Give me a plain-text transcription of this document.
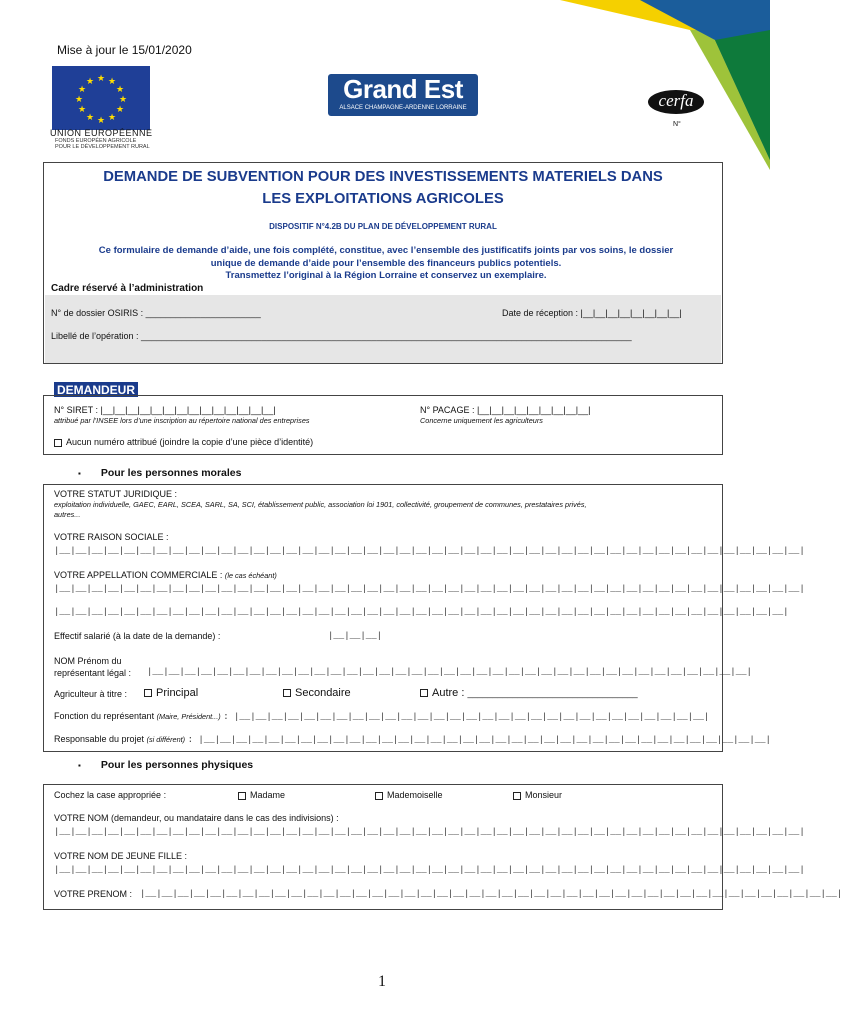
Mise à jour le 15/01/2020
★ ★
★
★
★
★
★
★
★
★
★
★
UNION EUROPÉENNE
FONDS EUROPÉEN AGRICOLE
POUR LE DÉVELOPPEMENT RURAL
Grand Est
ALSACE CHAMPAGNE-ARDENNE LORRAINE	cerfa
N°
DEMANDE DE SUBVENTION POUR DES INVESTISSEMENTS MATERIELS DANS
LES EXPLOITATIONS AGRICOLES
DISPOSITIF N°4.2B DU PLAN DE DÉVELOPPEMENT RURAL
Ce formulaire de demande d’aide, une fois complété, constitue, avec l’ensemble des justificatifs joints par vos soins, le dossier
unique de demande d’aide pour l’ensemble des financeurs publics potentiels.
Transmettez l’original à la Région Lorraine et conservez un exemplaire.
Cadre réservé à l’administration
N° de dossier OSIRIS : _______________________	Date de réception : |__|__|__|__|__|__|__|__|
Libellé de l’opération : __________________________________________________________________________________________________
DEMANDEUR
N° SIRET : |__|__|__|__|__|__|__|__|__|__|__|__|__|__|
attribué par l’INSEE lors d’une inscription au répertoire national des entreprises
N° PACAGE : |__|__|__|__|__|__|__|__|__|
Concerne uniquement les agriculteurs
Aucun numéro attribué (joindre la copie d’une pièce d’identité)
▪ Pour les personnes morales
VOTRE STATUT JURIDIQUE :
exploitation individuelle, GAEC, EARL, SCEA, SARL, SA, SCI, établissement public, association loi 1901, collectivité, groupement de communes, prestataires privés,
autres...
VOTRE RAISON SOCIALE :
|__|__|__|__|__|__|__|__|__|__|__|__|__|__|__|__|__|__|__|__|__|__|__|__|__|__|__|__|__|__|__|__|__|__|__|__|__|__|__|__|__|__|__|__|__|__|
VOTRE APPELLATION COMMERCIALE : (le cas échéant)
|__|__|__|__|__|__|__|__|__|__|__|__|__|__|__|__|__|__|__|__|__|__|__|__|__|__|__|__|__|__|__|__|__|__|__|__|__|__|__|__|__|__|__|__|__|__|
|__|__|__|__|__|__|__|__|__|__|__|__|__|__|__|__|__|__|__|__|__|__|__|__|__|__|__|__|__|__|__|__|__|__|__|__|__|__|__|__|__|__|__|__|__|
Effectif salarié (à la date de la demande) :	|__|__|__|
NOM Prénom du
représentant légal : |__|__|__|__|__|__|__|__|__|__|__|__|__|__|__|__|__|__|__|__|__|__|__|__|__|__|__|__|__|__|__|__|__|__|__|__|__|
Agriculteur à titre :	Principal	Secondaire	Autre : __________________________________
Fonction du représentant (Maire, Président...) : |__|__|__|__|__|__|__|__|__|__|__|__|__|__|__|__|__|__|__|__|__|__|__|__|__|__|__|__|__|
Responsable du projet (si différent) : |__|__|__|__|__|__|__|__|__|__|__|__|__|__|__|__|__|__|__|__|__|__|__|__|__|__|__|__|__|__|__|__|__|__|__|
▪ Pour les personnes physiques
Cochez la case appropriée :	Madame	Mademoiselle	Monsieur
VOTRE NOM (demandeur, ou mandataire dans le cas des indivisions) :
|__|__|__|__|__|__|__|__|__|__|__|__|__|__|__|__|__|__|__|__|__|__|__|__|__|__|__|__|__|__|__|__|__|__|__|__|__|__|__|__|__|__|__|__|__|__|
VOTRE NOM DE JEUNE FILLE :
|__|__|__|__|__|__|__|__|__|__|__|__|__|__|__|__|__|__|__|__|__|__|__|__|__|__|__|__|__|__|__|__|__|__|__|__|__|__|__|__|__|__|__|__|__|__|
VOTRE PRENOM : |__|__|__|__|__|__|__|__|__|__|__|__|__|__|__|__|__|__|__|__|__|__|__|__|__|__|__|__|__|__|__|__|__|__|__|__|__|__|__|__|__|__|__|
1
